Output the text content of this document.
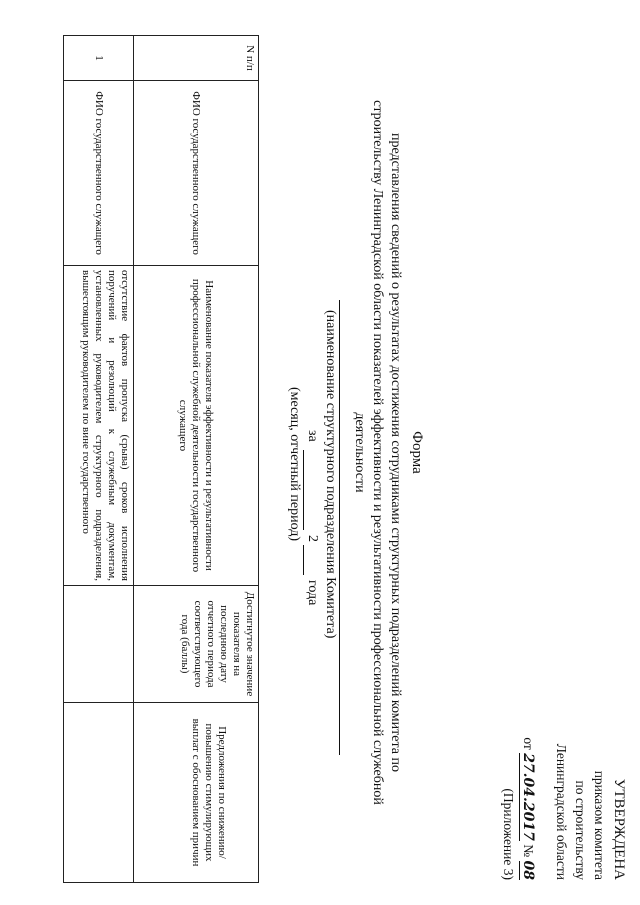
УТВЕРЖДЕНА
приказом комитета
по строительству
Ленинградской области
от 27.04.2017 № 08
(Приложение 3)
Форма
представления сведений о результатах достижения сотрудниками структурных подразделений комитета по
строительству Ленинградской области показателей эффективности и результативности профессиональной служебной
деятельности
(наименование структурного подразделения Комитета)
за
2
года
(месяц, отчетный период)
N п/п	ФИО государственного служащего	Наименование показателя эффективности и результативности профессиональной служебной деятельности государственного служащего	Достигнутое значение показателя на последнюю дату отчетного периода соответствующего года (баллы)	Предложения по снижению/повышению стимулирующих выплат с обоснованием причин
1	ФИО государственного служащего	отсутствие фактов пропуска (срыва) сроков исполнения поручений и резолюций к служебным документам, установленных руководителем структурного подразделения, вышестоящим руководителем по вине государственного		
